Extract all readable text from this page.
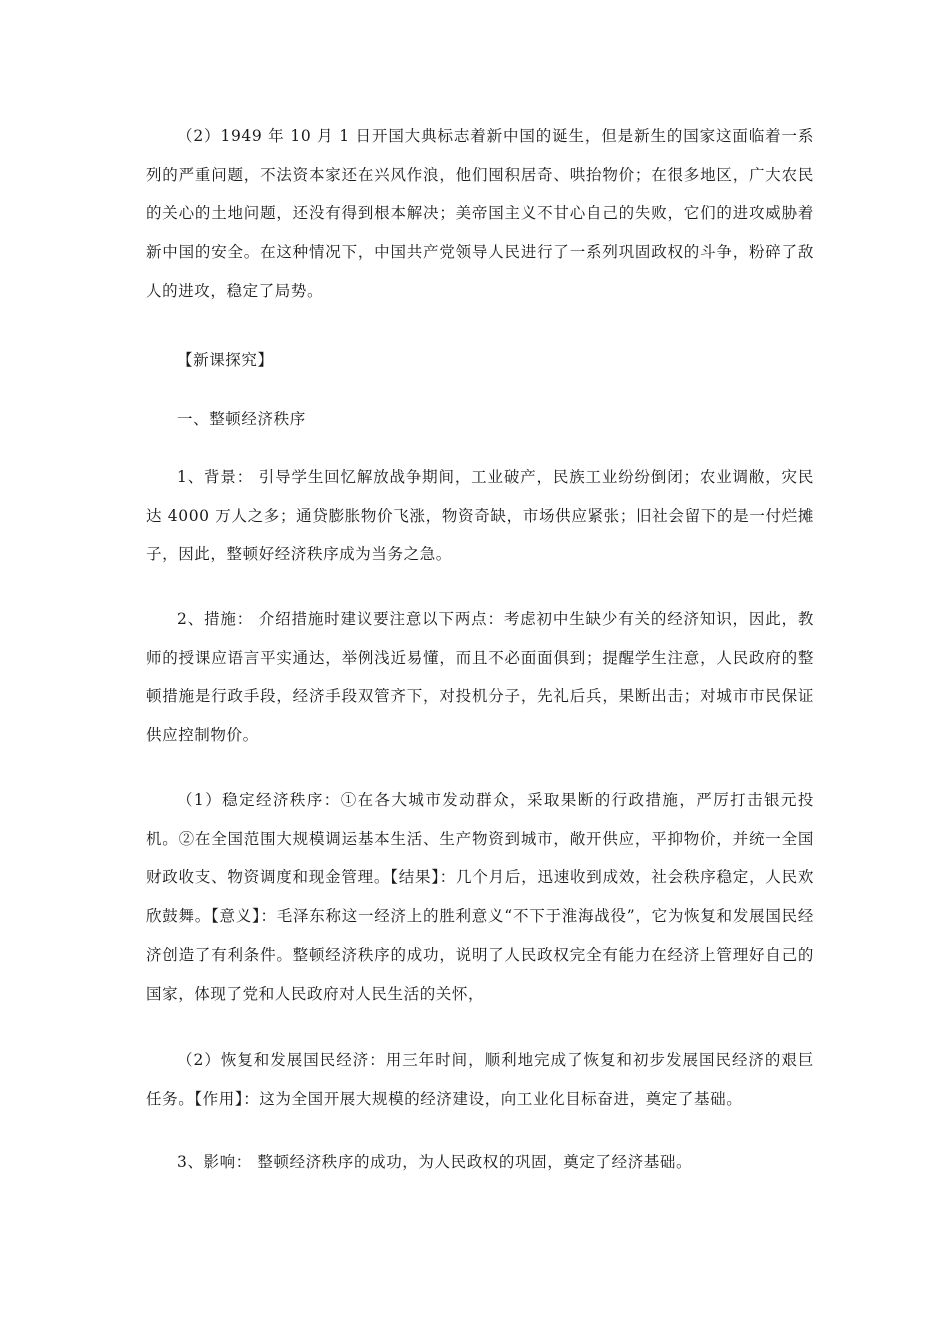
（2）1949 年 10 月 1 日开国大典标志着新中国的诞生，但是新生的国家这面临着一系列的严重问题，不法资本家还在兴风作浪，他们囤积居奇、哄抬物价；在很多地区，广大农民的关心的土地问题，还没有得到根本解决；美帝国主义不甘心自己的失败，它们的进攻威胁着新中国的安全。在这种情况下，中国共产党领导人民进行了一系列巩固政权的斗争，粉碎了敌人的进攻，稳定了局势。

【新课探究】

一、整顿经济秩序

1、背景： 引导学生回忆解放战争期间，工业破产，民族工业纷纷倒闭；农业调敝，灾民达 4000 万人之多；通贷膨胀物价飞涨，物资奇缺，市场供应紧张；旧社会留下的是一付烂摊子，因此，整顿好经济秩序成为当务之急。

2、措施： 介绍措施时建议要注意以下两点：考虑初中生缺少有关的经济知识，因此，教师的授课应语言平实通达，举例浅近易懂，而且不必面面俱到；提醒学生注意，人民政府的整顿措施是行政手段，经济手段双管齐下，对投机分子，先礼后兵，果断出击；对城市市民保证供应控制物价。

（1）稳定经济秩序：①在各大城市发动群众，采取果断的行政措施，严厉打击银元投机。②在全国范围大规模调运基本生活、生产物资到城市，敞开供应，平抑物价，并统一全国财政收支、物资调度和现金管理。【结果】：几个月后，迅速收到成效，社会秩序稳定，人民欢欣鼓舞。【意义】：毛泽东称这一经济上的胜利意义“不下于淮海战役”，它为恢复和发展国民经济创造了有利条件。整顿经济秩序的成功，说明了人民政权完全有能力在经济上管理好自己的国家，体现了党和人民政府对人民生活的关怀，

（2）恢复和发展国民经济：用三年时间，顺利地完成了恢复和初步发展国民经济的艰巨任务。【作用】：这为全国开展大规模的经济建设，向工业化目标奋进，奠定了基础。

3、影响： 整顿经济秩序的成功，为人民政权的巩固，奠定了经济基础。
